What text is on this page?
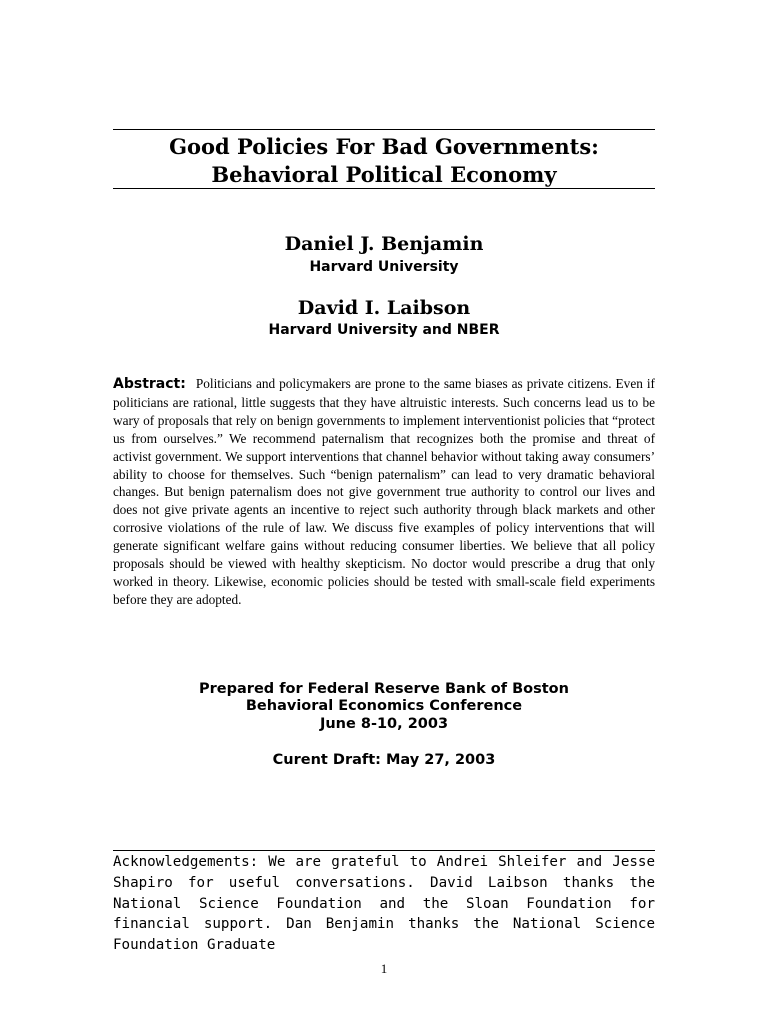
Good Policies For Bad Governments:
Behavioral Political Economy
Daniel J. Benjamin
Harvard University
David I. Laibson
Harvard University and NBER
Abstract: Politicians and policymakers are prone to the same biases as private citizens. Even if politicians are rational, little suggests that they have altruistic interests. Such concerns lead us to be wary of proposals that rely on benign governments to implement interventionist policies that “protect us from ourselves.” We recommend paternalism that recognizes both the promise and threat of activist government. We support interventions that channel behavior without taking away consumers’ ability to choose for themselves. Such “benign paternalism” can lead to very dramatic behavioral changes. But benign paternalism does not give government true authority to control our lives and does not give private agents an incentive to reject such authority through black markets and other corrosive violations of the rule of law. We discuss five examples of policy interventions that will generate significant welfare gains without reducing consumer liberties. We believe that all policy proposals should be viewed with healthy skepticism. No doctor would prescribe a drug that only worked in theory. Likewise, economic policies should be tested with small-scale field experiments before they are adopted.
Prepared for Federal Reserve Bank of Boston
Behavioral Economics Conference
June 8-10, 2003
Curent Draft: May 27, 2003
Acknowledgements: We are grateful to Andrei Shleifer and Jesse Shapiro for useful conversations. David Laibson thanks the National Science Foundation and the Sloan Foundation for financial support. Dan Benjamin thanks the National Science Foundation Graduate
1
